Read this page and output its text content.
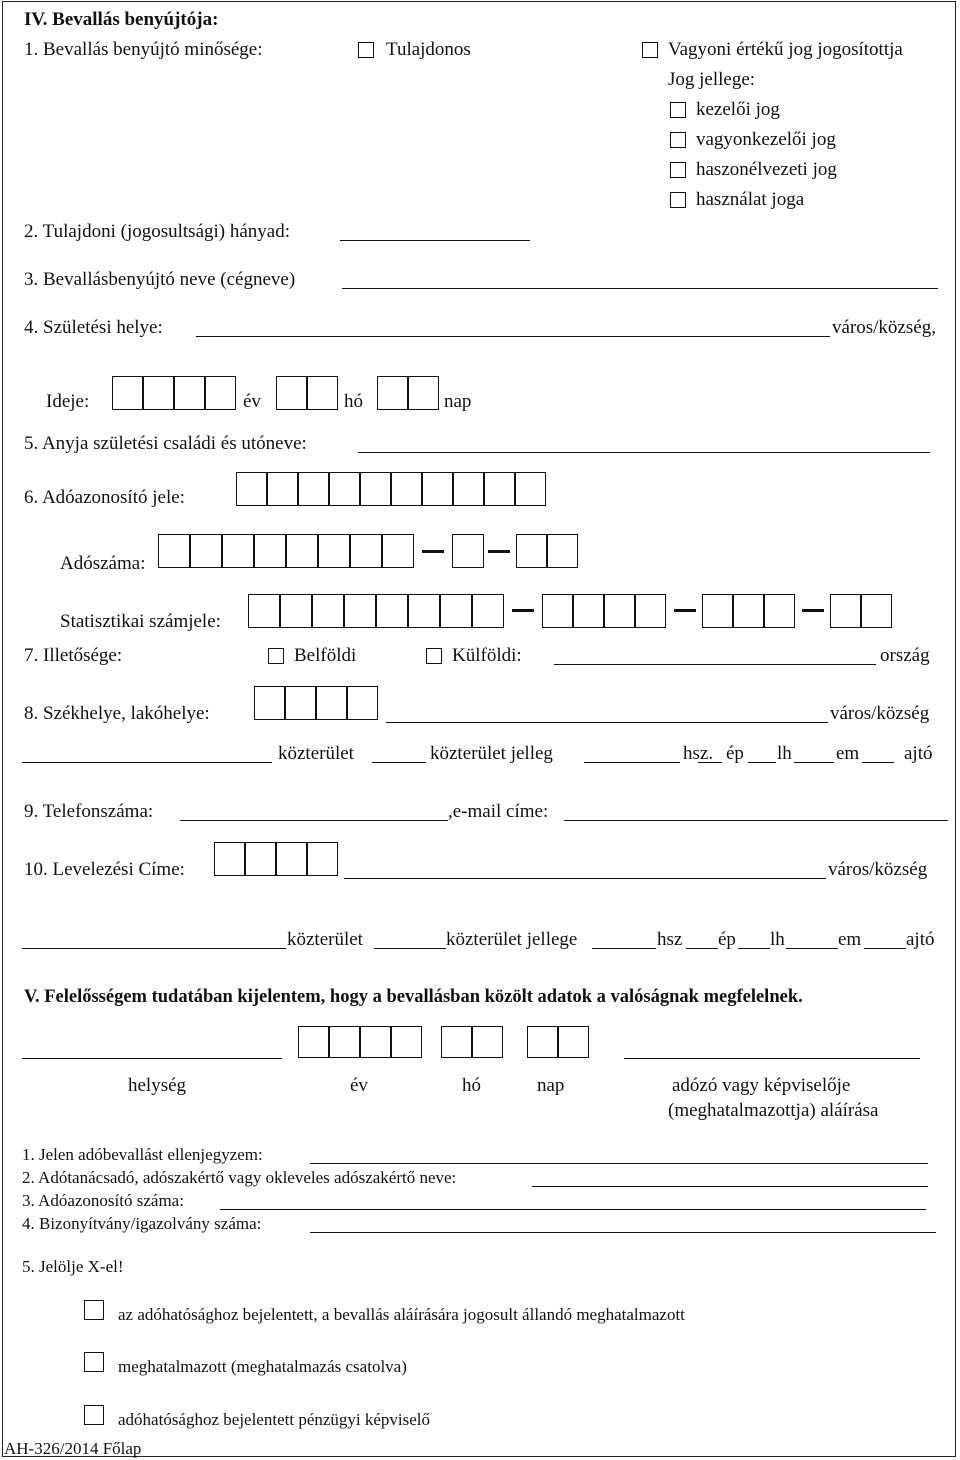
IV. Bevallás benyújtója:
1. Bevallás benyújtó minősége:	Tulajdonos	Vagyoni értékű jog jogosítottja
Jog jellege:
kezelői jog
vagyonkezelői jog
haszonélvezeti jog
használat joga
2. Tulajdoni (jogosultsági) hányad:
3. Bevallásbenyújtó neve (cégneve)
4. Születési helye:	város/község,
Ideje:	év	hó	nap
5. Anyja születési családi és utóneve:
6. Adóazonosító jele:
Adószáma:
Statisztikai számjele:
7. Illetősége:	Belföldi	Külföldi:	ország
8. Székhelye, lakóhelye:	város/község
közterület	közterület jelleg	hsz. ép lh em ajtó
9. Telefonszáma:	,e-mail címe:
10. Levelezési Címe:	város/község
közterület	közterület jellege	hsz ép lh	em ajtó
V. Felelősségem tudatában kijelentem, hogy a bevallásban közölt adatok a valóságnak megfelelnek.
helység	év	hó	nap	adózó vagy képviselője
(meghatalmazottja) aláírása
1. Jelen adóbevallást ellenjegyzem:
2. Adótanácsadó, adószakértő vagy okleveles adószakértő neve:
3. Adóazonosító száma:
4. Bizonyítvány/igazolvány száma:
5. Jelölje X-el!
az adóhatósághoz bejelentett, a bevallás aláírására jogosult állandó meghatalmazott
meghatalmazott (meghatalmazás csatolva)
adóhatósághoz bejelentett pénzügyi képviselő
AH-326/2014 Főlap
